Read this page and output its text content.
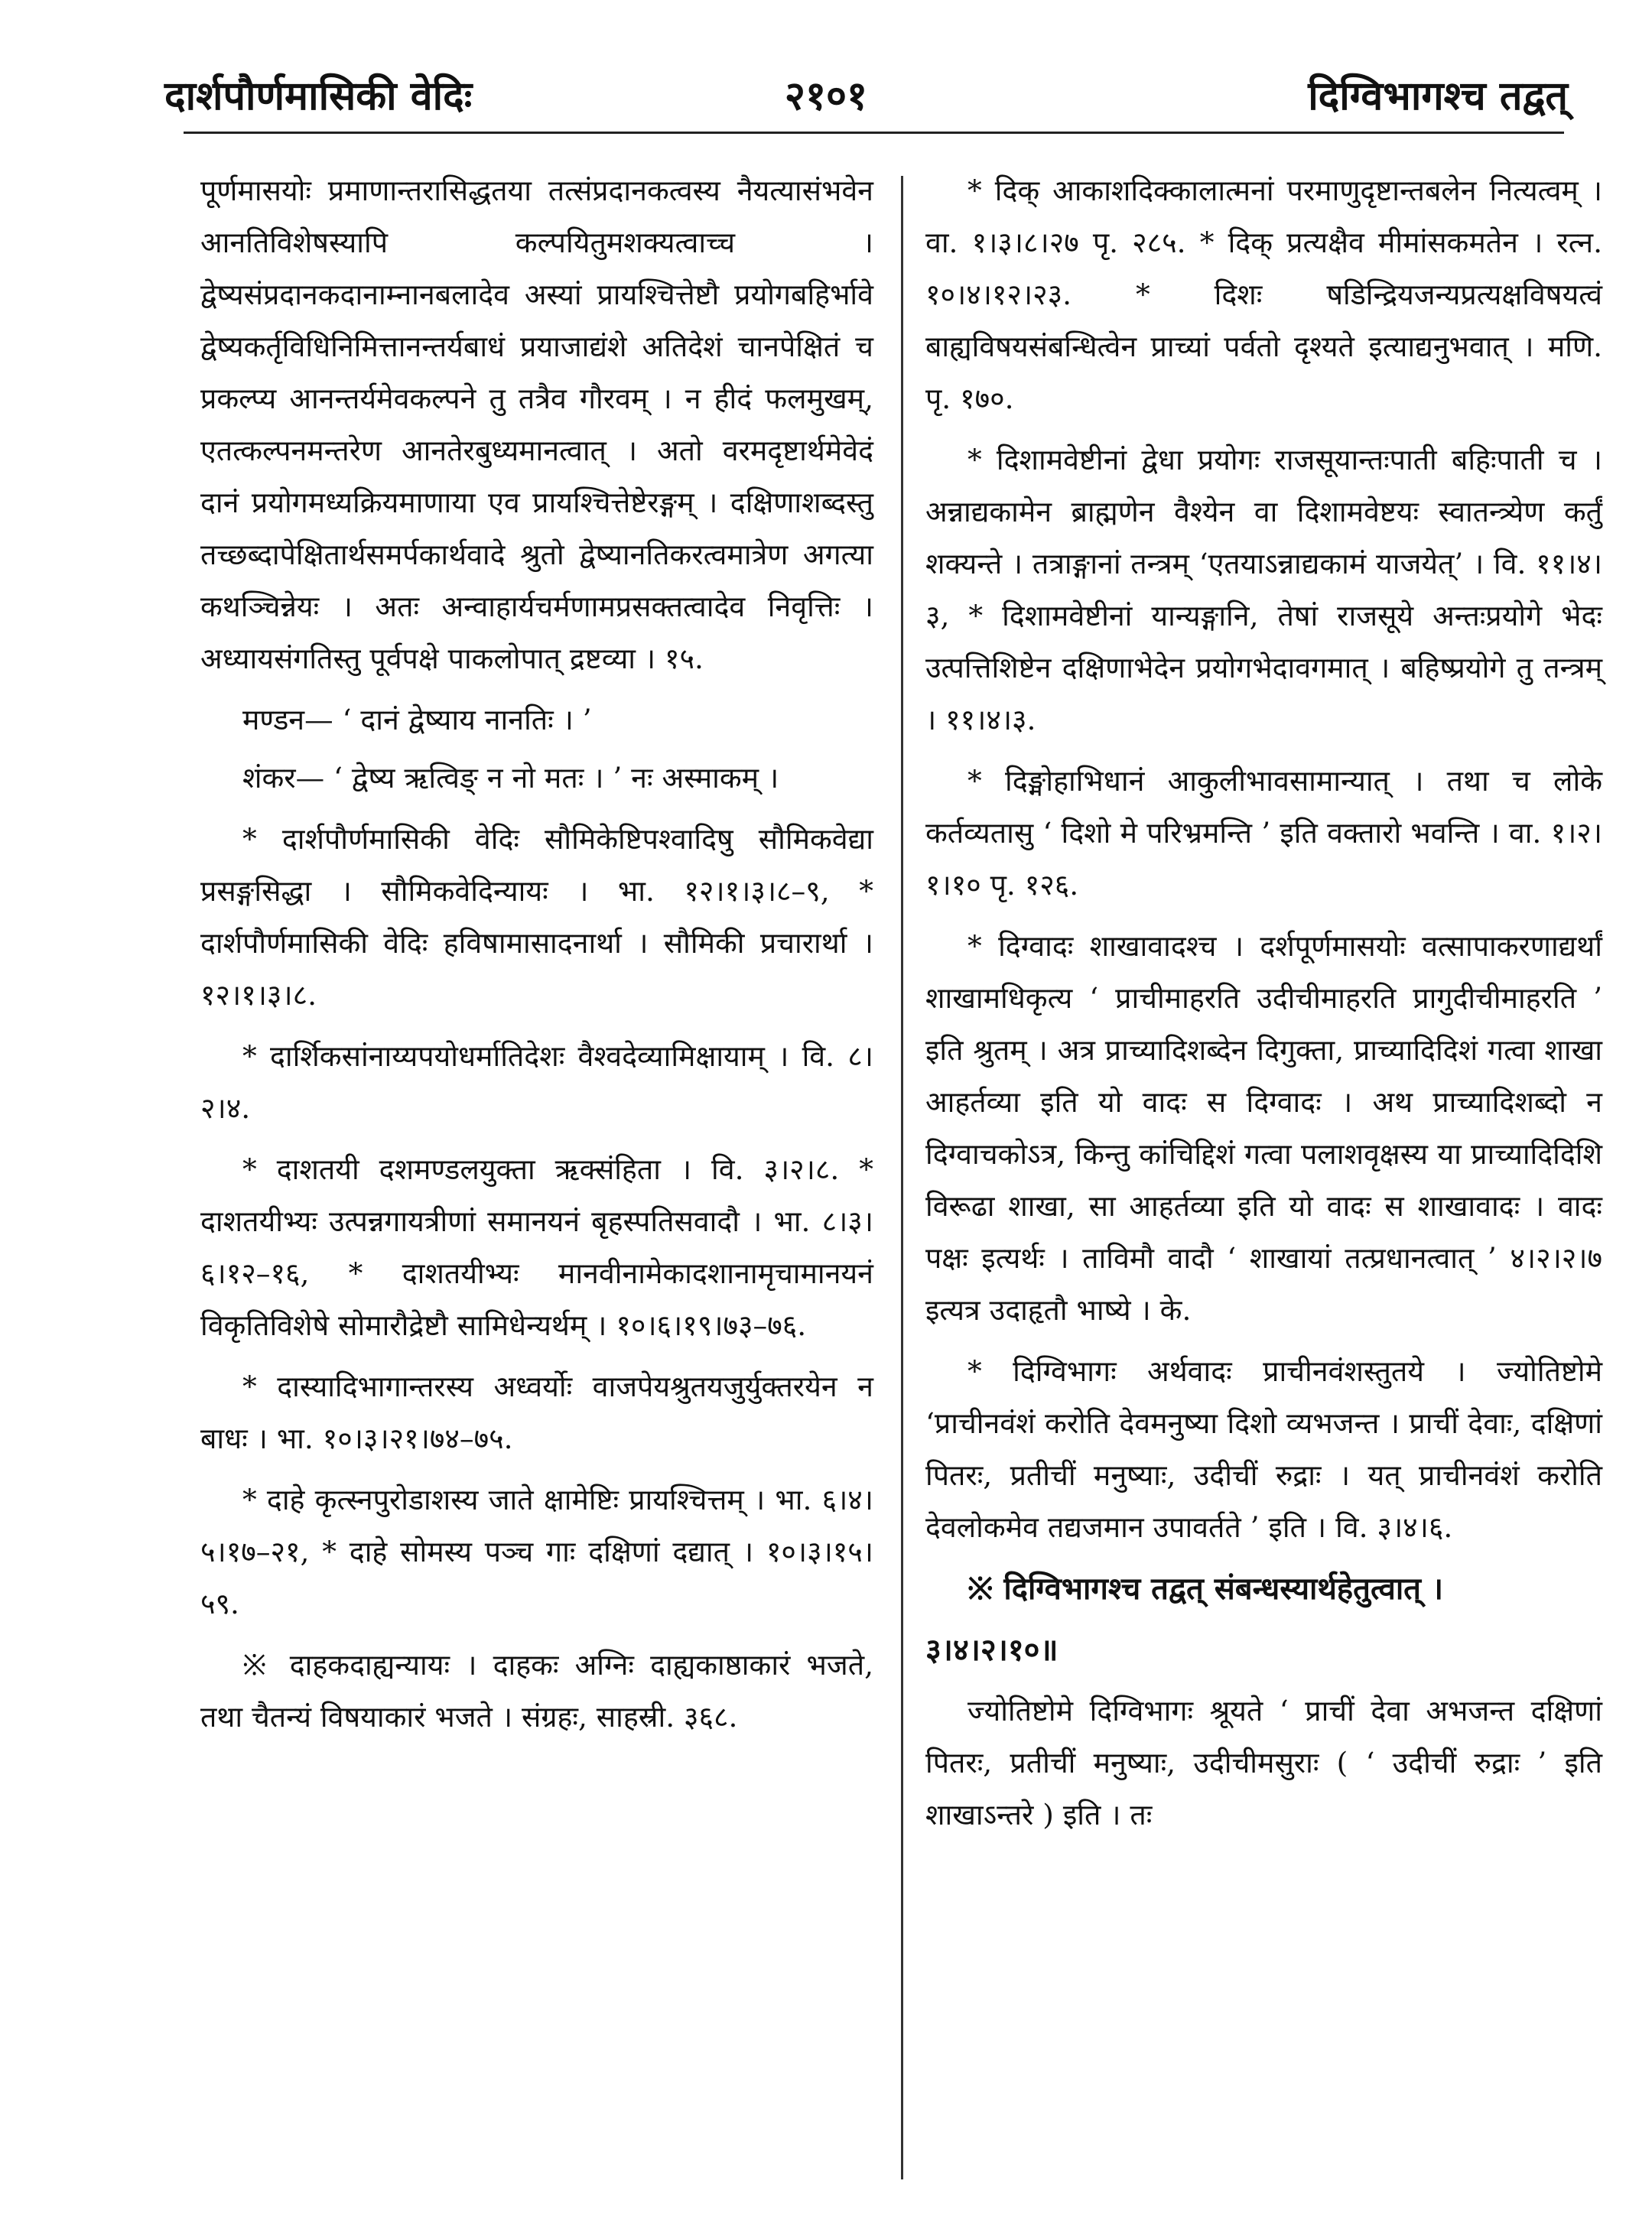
दार्शपौर्णमासिकी वेदिः	२१०१	दिग्विभागश्च तद्वत्

पूर्णमासयोः प्रमाणान्तरासिद्धतया तत्संप्रदानकत्वस्य नैयत्यासंभवेन आनतिविशेषस्यापि कल्पयितुमशक्यत्वाच्च । द्वेष्यसंप्रदानकदानाम्नानबलादेव अस्यां प्रायश्चित्तेष्टौ प्रयोगबहिर्भावे द्वेष्यकर्तृविधिनिमित्तानन्तर्यबाधं प्रयाजाद्यंशे अतिदेशं चानपेक्षितं च प्रकल्प्य आनन्तर्यमेवकल्पने तु तत्रैव गौरवम् । न हीदं फलमुखम्, एतत्कल्पनमन्तरेण आनतेरबुध्यमानत्वात् । अतो वरमदृष्टार्थमेवेदं दानं प्रयोगमध्यक्रियमाणाया एव प्रायश्चित्तेष्टेरङ्गम् । दक्षिणाशब्दस्तु तच्छब्दापेक्षितार्थसमर्पकार्थवादे श्रुतो द्वेष्यानतिकरत्वमात्रेण अगत्या कथञ्चिन्नेयः । अतः अन्वाहार्यचर्मणामप्रसक्तत्वादेव निवृत्तिः । अध्यायसंगतिस्तु पूर्वपक्षे पाकलोपात् द्रष्टव्या । १५.

मण्डन— ‘ दानं द्वेष्याय नानतिः । ’

शंकर— ‘ द्वेष्य ऋत्विङ् न नो मतः । ’ नः अस्माकम् ।

* दार्शपौर्णमासिकी वेदिः सौमिकेष्टिपश्वादिषु सौमिकवेद्या प्रसङ्गसिद्धा । सौमिकवेदिन्यायः । भा. १२।१।३।८–९, * दार्शपौर्णमासिकी वेदिः हविषामासादनार्था । सौमिकी प्रचारार्था । १२।१।३।८.

* दार्शिकसांनाय्यपयोधर्मातिदेशः वैश्वदेव्यामिक्षायाम् । वि. ८।२।४.

* दाशतयी दशमण्डलयुक्ता ऋक्संहिता । वि. ३।२।८. * दाशतयीभ्यः उत्पन्नगायत्रीणां समानयनं बृहस्पतिसवादौ । भा. ८।३।६।१२–१६, * दाशतयीभ्यः मानवीनामेकादशानामृचामानयनं विकृतिविशेषे सोमारौद्रेष्टौ सामिधेन्यर्थम् । १०।६।१९।७३–७६.

* दास्यादिभागान्तरस्य अध्वर्योः वाजपेयश्रुतयजुर्युक्तरयेन न बाधः । भा. १०।३।२१।७४–७५.

* दाहे कृत्स्नपुरोडाशस्य जाते क्षामेष्टिः प्रायश्चित्तम् । भा. ६।४।५।१७–२१, * दाहे सोमस्य पञ्च गाः दक्षिणां दद्यात् । १०।३।१५।५९.

※ दाहकदाह्यन्यायः । दाहकः अग्निः दाह्यकाष्ठाकारं भजते, तथा चैतन्यं विषयाकारं भजते । संग्रहः, साहस्री. ३६८.

* दिक् आकाशदिक्कालात्मनां परमाणुदृष्टान्तबलेन नित्यत्वम् । वा. १।३।८।२७ पृ. २८५. * दिक् प्रत्यक्षैव मीमांसकमतेन । रत्न. १०।४।१२।२३. * दिशः षडिन्द्रियजन्यप्रत्यक्षविषयत्वं बाह्यविषयसंबन्धित्वेन प्राच्यां पर्वतो दृश्यते इत्याद्यनुभवात् । मणि. पृ. १७०.

* दिशामवेष्टीनां द्वेधा प्रयोगः राजसूयान्तःपाती बहिःपाती च । अन्नाद्यकामेन ब्राह्मणेन वैश्येन वा दिशामवेष्टयः स्वातन्त्र्येण कर्तुं शक्यन्ते । तत्राङ्गानां तन्त्रम् ‘एतयाऽन्नाद्यकामं याजयेत्’ । वि. ११।४।३, * दिशामवेष्टीनां यान्यङ्गानि, तेषां राजसूये अन्तःप्रयोगे भेदः उत्पत्तिशिष्टेन दक्षिणाभेदेन प्रयोगभेदावगमात् । बहिष्प्रयोगे तु तन्त्रम् । ११।४।३.

* दिङ्मोहाभिधानं आकुलीभावसामान्यात् । तथा च लोके कर्तव्यतासु ‘ दिशो मे परिभ्रमन्ति ’ इति वक्तारो भवन्ति । वा. १।२।१।१० पृ. १२६.

* दिग्वादः शाखावादश्च । दर्शपूर्णमासयोः वत्सापाकरणाद्यर्थां शाखामधिकृत्य ‘ प्राचीमाहरति उदीचीमाहरति प्रागुदीचीमाहरति ’ इति श्रुतम् । अत्र प्राच्यादिशब्देन दिगुक्ता, प्राच्यादिदिशं गत्वा शाखा आहर्तव्या इति यो वादः स दिग्वादः । अथ प्राच्यादिशब्दो न दिग्वाचकोऽत्र, किन्तु कांचिद्दिशं गत्वा पलाशवृक्षस्य या प्राच्यादिदिशि विरूढा शाखा, सा आहर्तव्या इति यो वादः स शाखावादः । वादः पक्षः इत्यर्थः । ताविमौ वादौ ‘ शाखायां तत्प्रधानत्वात् ’ ४।२।२।७ इत्यत्र उदाहृतौ भाष्ये । के.

* दिग्विभागः अर्थवादः प्राचीनवंशस्तुतये । ज्योतिष्टोमे ‘प्राचीनवंशं करोति देवमनुष्या दिशो व्यभजन्त । प्राचीं देवाः, दक्षिणां पितरः, प्रतीचीं मनुष्याः, उदीचीं रुद्राः । यत् प्राचीनवंशं करोति देवलोकमेव तद्यजमान उपावर्तते ’ इति । वि. ३।४।६.

※ दिग्विभागश्च तद्वत् संबन्धस्यार्थहेतुत्वात् ।

३।४।२।१०॥

ज्योतिष्टोमे दिग्विभागः श्रूयते ‘ प्राचीं देवा अभजन्त दक्षिणां पितरः, प्रतीचीं मनुष्याः, उदीचीमसुराः ( ‘ उदीचीं रुद्राः ’ इति शाखाऽन्तरे ) इति । तः
